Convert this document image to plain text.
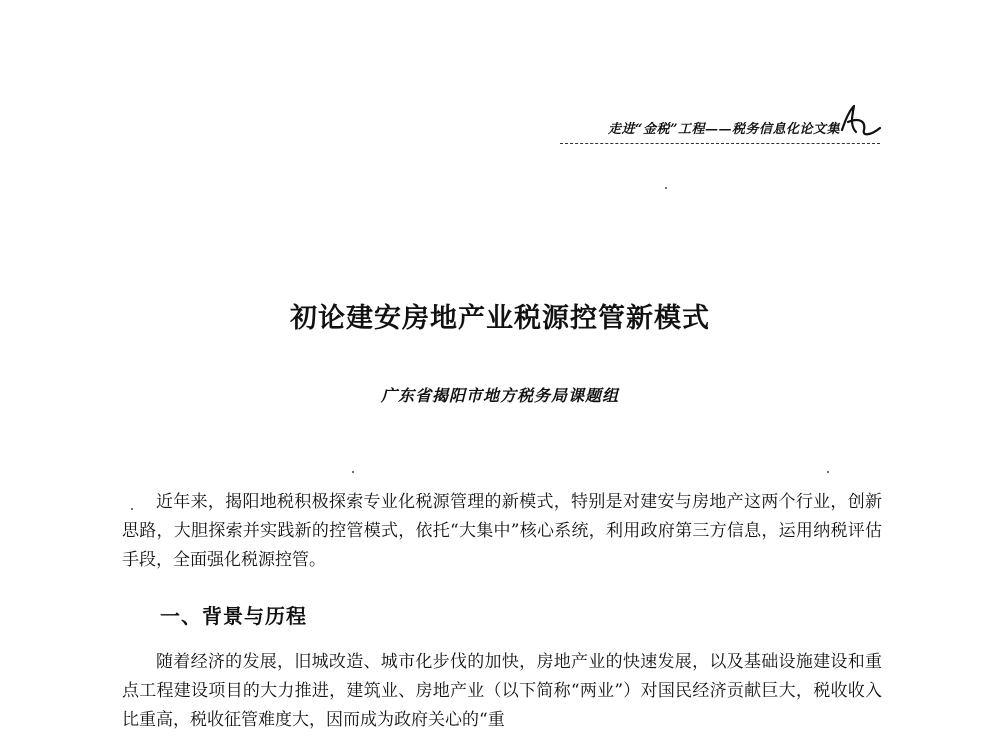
走进“金税”工程——税务信息化论文集
初论建安房地产业税源控管新模式
广东省揭阳市地方税务局课题组

近年来，揭阳地税积极探索专业化税源管理的新模式，特别是对建安与房地产这两个行业，创新思路，大胆探索并实践新的控管模式，依托“大集中”核心系统，利用政府第三方信息，运用纳税评估手段，全面强化税源控管。

一、背景与历程

随着经济的发展，旧城改造、城市化步伐的加快，房地产业的快速发展，以及基础设施建设和重点工程建设项目的大力推进，建筑业、房地产业（以下简称“两业”）对国民经济贡献巨大，税收收入比重高，税收征管难度大，因而成为政府关心的“重
